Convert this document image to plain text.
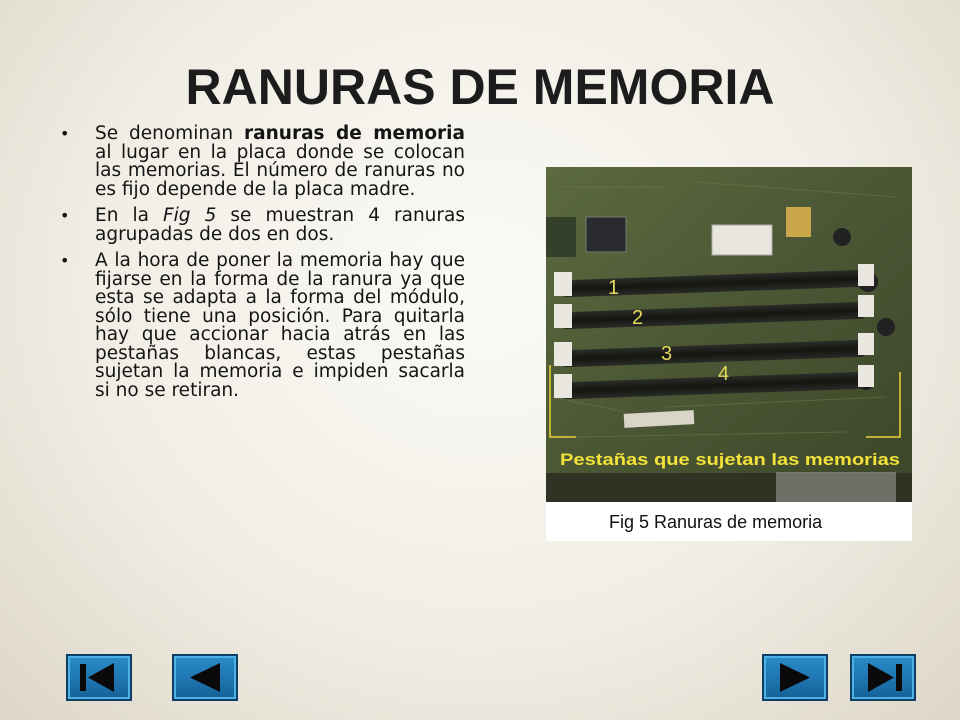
RANURAS DE MEMORIA
• Se denominan ranuras de memoria al lugar en la placa donde se colocan las memorias. El número de ranuras no es fijo depende de la placa madre.
• En la Fig 5 se muestran 4 ranuras agrupadas de dos en dos.
• A la hora de poner la memoria hay que fijarse en la forma de la ranura ya que esta se adapta a la forma del módulo, sólo tiene una posición. Para quitarla hay que accionar hacia atrás en las pestañas blancas, estas pestañas sujetan la memoria e impiden sacarla si no se retiran.
1
2
3
4
Pestañas que sujetan las memorias
Fig 5 Ranuras de memoria
